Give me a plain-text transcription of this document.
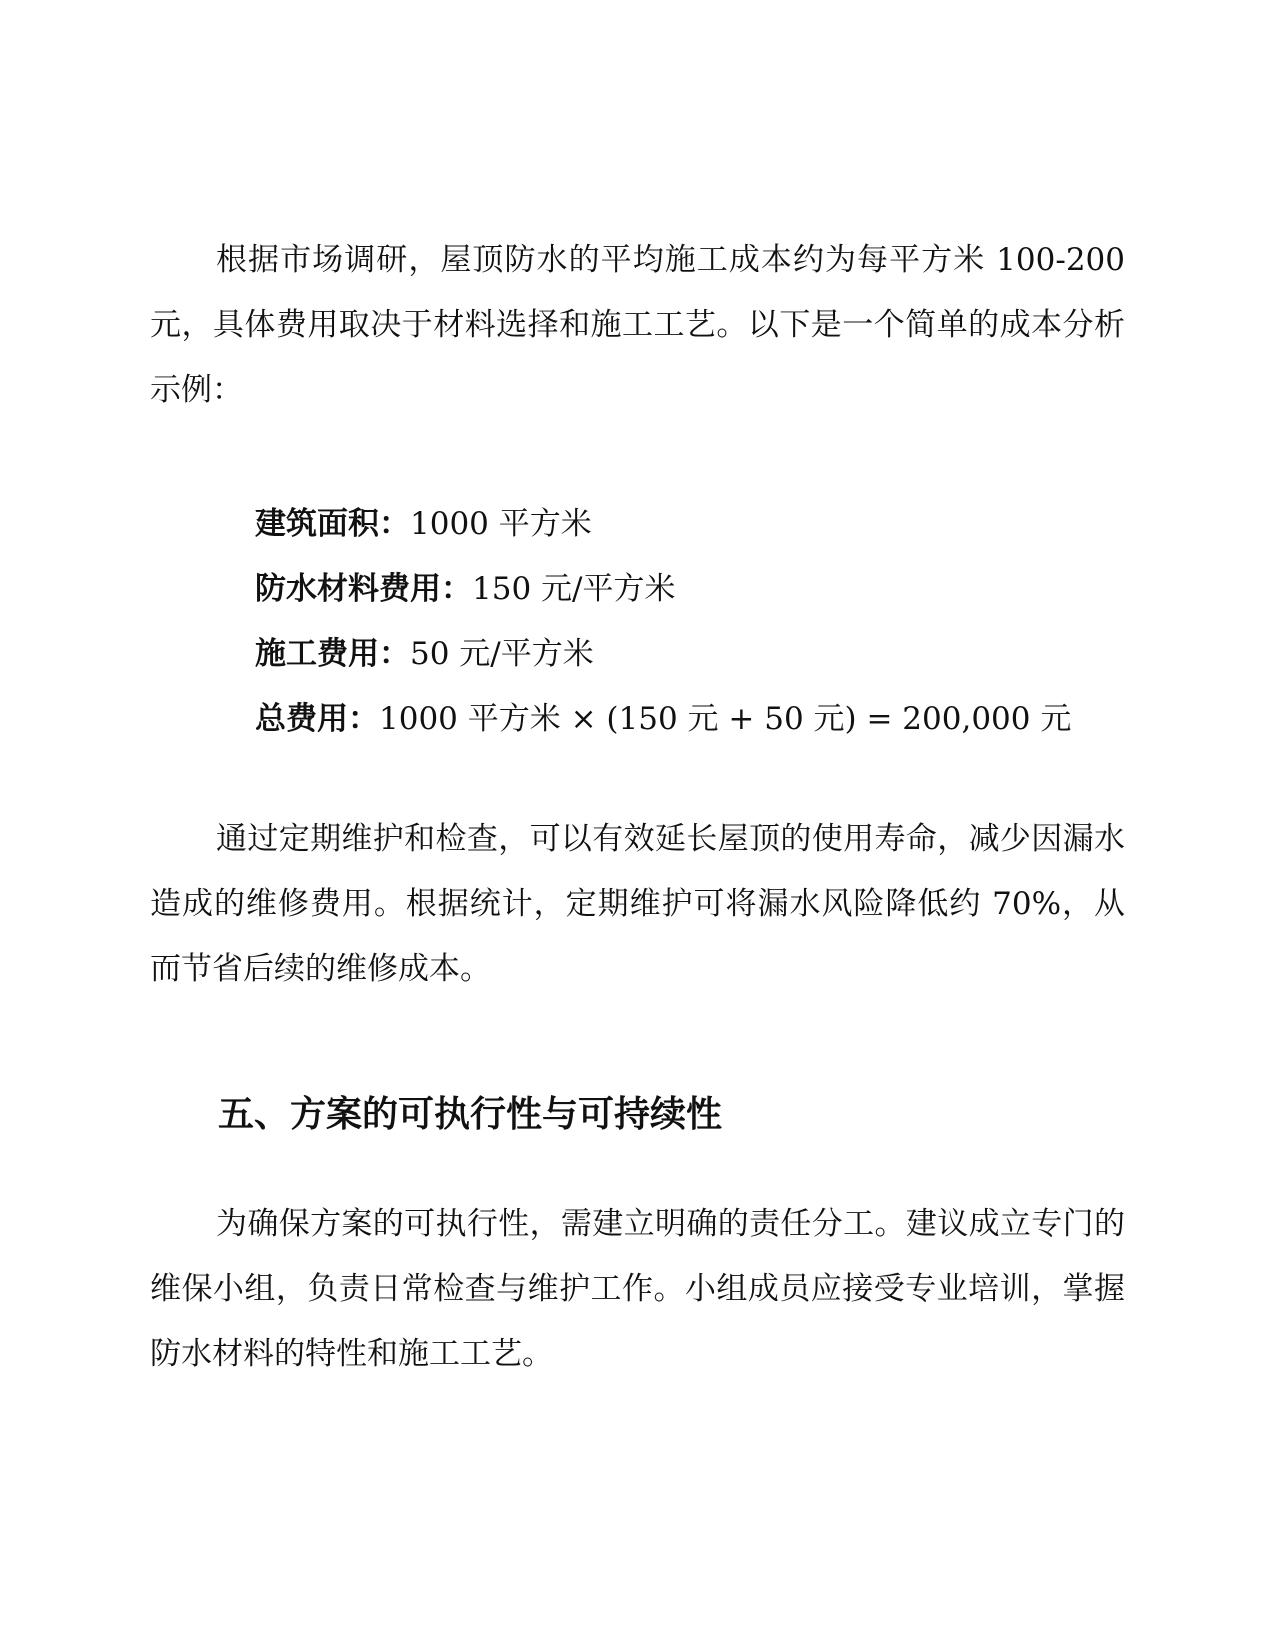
根据市场调研，屋顶防水的平均施工成本约为每平方米 100-200 元，具体费用取决于材料选择和施工工艺。以下是一个简单的成本分析示例：

建筑面积：1000 平方米
防水材料费用：150 元/平方米
施工费用：50 元/平方米
总费用：1000 平方米 × (150 元 + 50 元) = 200,000 元

通过定期维护和检查，可以有效延长屋顶的使用寿命，减少因漏水造成的维修费用。根据统计，定期维护可将漏水风险降低约 70%，从而节省后续的维修成本。

五、方案的可执行性与可持续性

为确保方案的可执行性，需建立明确的责任分工。建议成立专门的维保小组，负责日常检查与维护工作。小组成员应接受专业培训，掌握防水材料的特性和施工工艺。
